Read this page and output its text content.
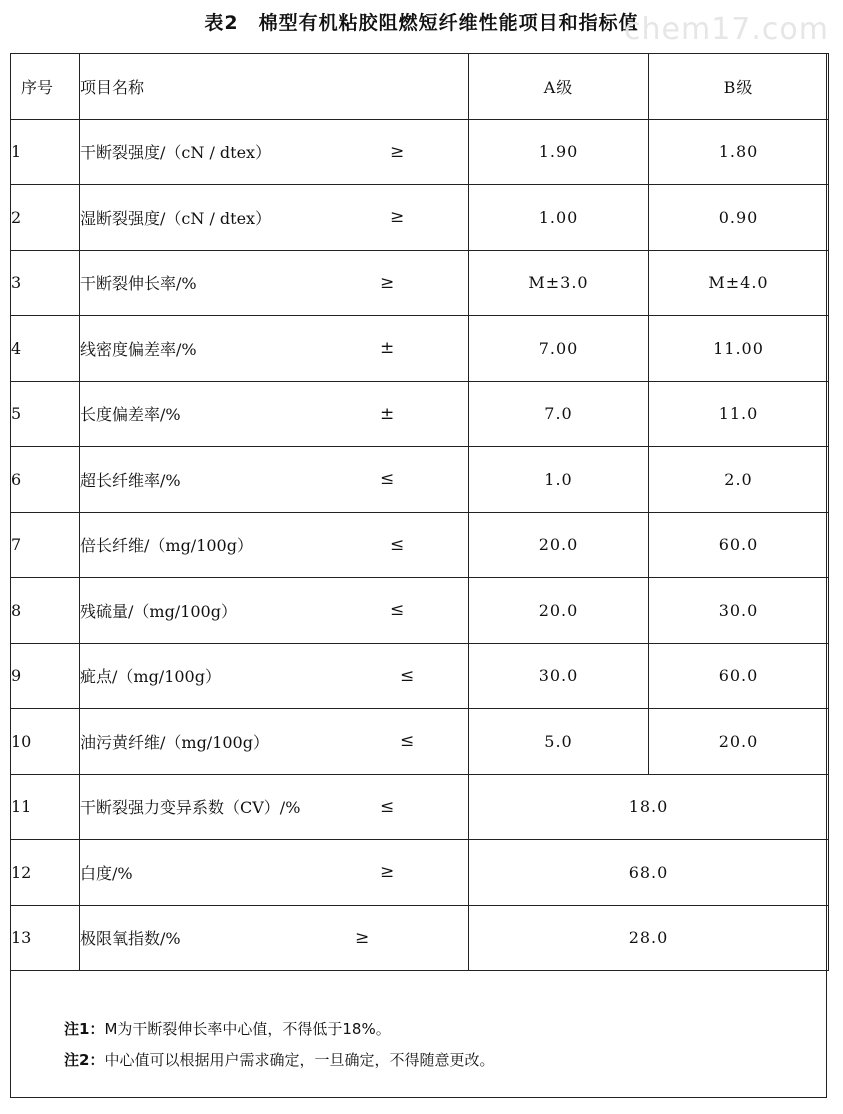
表2　棉型有机粘胶阻燃短纤维性能项目和指标值
chem17.com
序号	项目名称	A级	B级
1	干断裂强度/（cN / dtex） ≥	1.90	1.80
2	湿断裂强度/（cN / dtex） ≥	1.00	0.90
3	干断裂伸长率/% ≥	M±3.0	M±4.0
4	线密度偏差率/% ±	7.00	11.00
5	长度偏差率/% ±	7.0	11.0
6	超长纤维率/% ≤	1.0	2.0
7	倍长纤维/（mg/100g） ≤	20.0	60.0
8	残硫量/（mg/100g） ≤	20.0	30.0
9	疵点/（mg/100g） ≤	30.0	60.0
10	油污黄纤维/（mg/100g） ≤	5.0	20.0
11	干断裂强力变异系数（CV）/% ≤	18.0	
12	白度/% ≥	68.0	
13	极限氧指数/% ≥	28.0	
注1：M为干断裂伸长率中心值，不得低于18%。
注2：中心值可以根据用户需求确定，一旦确定，不得随意更改。
